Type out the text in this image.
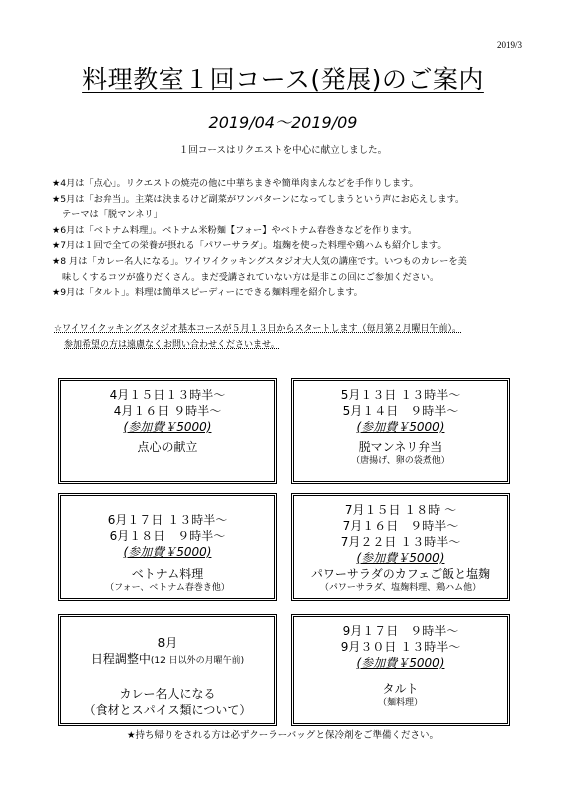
2019/3
料理教室１回コース(発展)のご案内
2019/04～2019/09
１回コースはリクエストを中心に献立しました。
★4月は「点心」。リクエストの焼売の他に中華ちまきや簡単肉まんなどを手作りします。
★5月は「お弁当」。主菜は決まるけど副菜がワンパターンになってしまうという声にお応えします。
テーマは「脱マンネリ」
★6月は「ベトナム料理」。ベトナム米粉麺【フォー】やベトナム春巻きなどを作ります。
★7月は１回で全ての栄養が摂れる「パワーサラダ」。塩麹を使った料理や鶏ハムも紹介します。
★8 月は「カレー名人になる」。ワイワイクッキングスタジオ大人気の講座です。いつものカレーを美
味しくするコツが盛りだくさん。まだ受講されていない方は是非この回にご参加ください。
★9月は「タルト」。料理は簡単スピーディーにできる麺料理を紹介します。
☆ワイワイクッキングスタジオ基本コースが５月１３日からスタートします（毎月第２月曜日午前）。
参加希望の方は遠慮なくお問い合わせくださいませ。
4月１５日１３時半～
4月１６日 ９時半～
(参加費￥5000)
点心の献立
5月１３日 １３時半～
5月１４日　９時半～
(参加費￥5000)
脱マンネリ弁当
（唐揚げ、卵の袋煮他）
6月１７日 １３時半～
6月１８日　９時半～
(参加費￥5000)
ベトナム料理
（フォー、ベトナム春巻き他）
7月１５日 １８時 ～
7月１６日　９時半～
7月２２日 １３時半～
(参加費￥5000)
パワーサラダのカフェご飯と塩麹
（パワーサラダ、塩麹料理、鶏ハム他）
8月
日程調整中(12 日以外の月曜午前)
カレー名人になる
（食材とスパイス類について）
9月１７日　９時半～
9月３０日 １３時半～
(参加費￥5000)
タルト
（麺料理）
★持ち帰りをされる方は必ずクーラーバッグと保冷剤をご準備ください。
